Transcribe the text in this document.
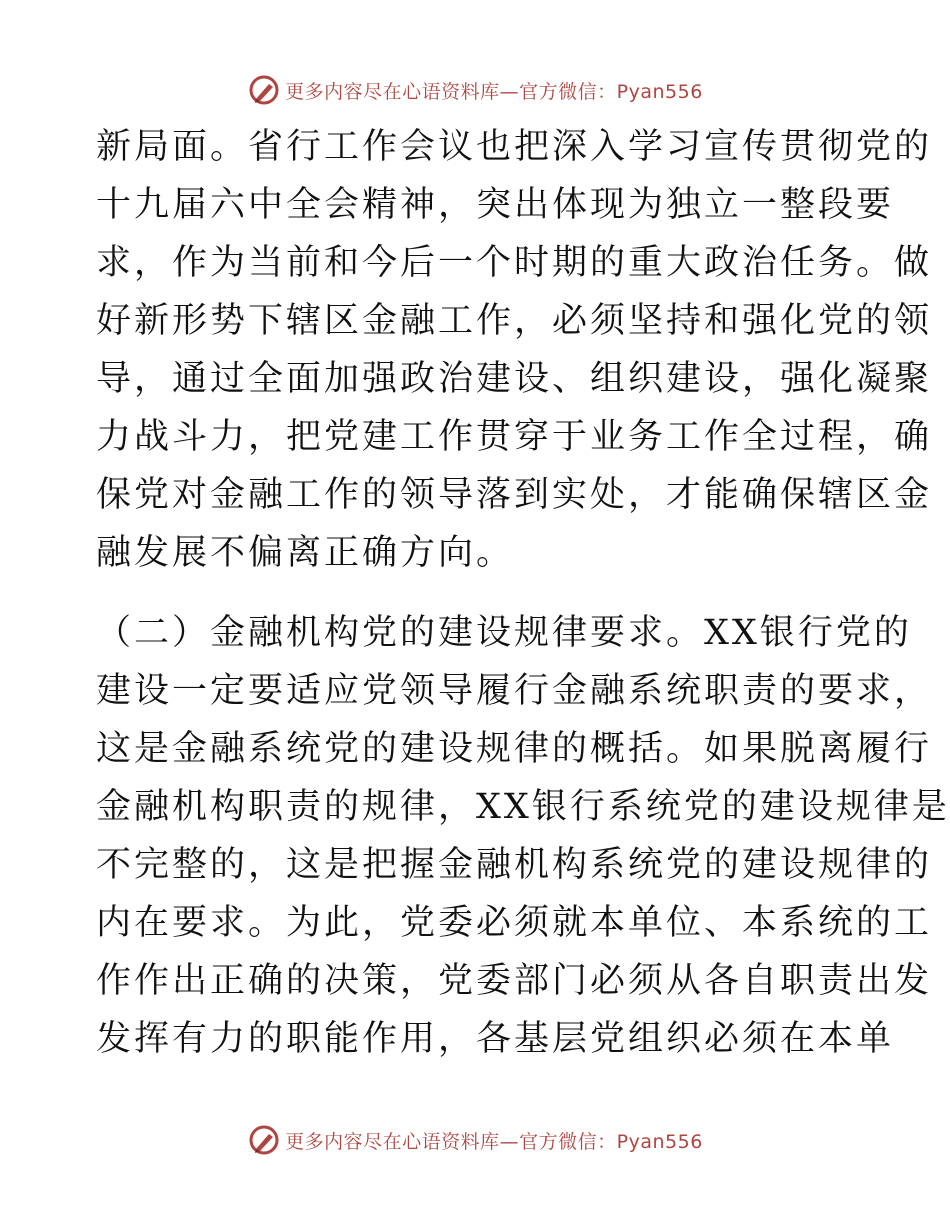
更多内容尽在心语资料库—官方微信：Pyan556
新局面。省行工作会议也把深入学习宣传贯彻党的
十九届六中全会精神，突出体现为独立一整段要
求，作为当前和今后一个时期的重大政治任务。做
好新形势下辖区金融工作，必须坚持和强化党的领
导，通过全面加强政治建设、组织建设，强化凝聚
力战斗力，把党建工作贯穿于业务工作全过程，确
保党对金融工作的领导落到实处，才能确保辖区金
融发展不偏离正确方向。
（二）金融机构党的建设规律要求。XX银行党的
建设一定要适应党领导履行金融系统职责的要求，
这是金融系统党的建设规律的概括。如果脱离履行
金融机构职责的规律，XX银行系统党的建设规律是
不完整的，这是把握金融机构系统党的建设规律的
内在要求。为此，党委必须就本单位、本系统的工
作作出正确的决策，党委部门必须从各自职责出发
发挥有力的职能作用，各基层党组织必须在本单
更多内容尽在心语资料库—官方微信：Pyan556
